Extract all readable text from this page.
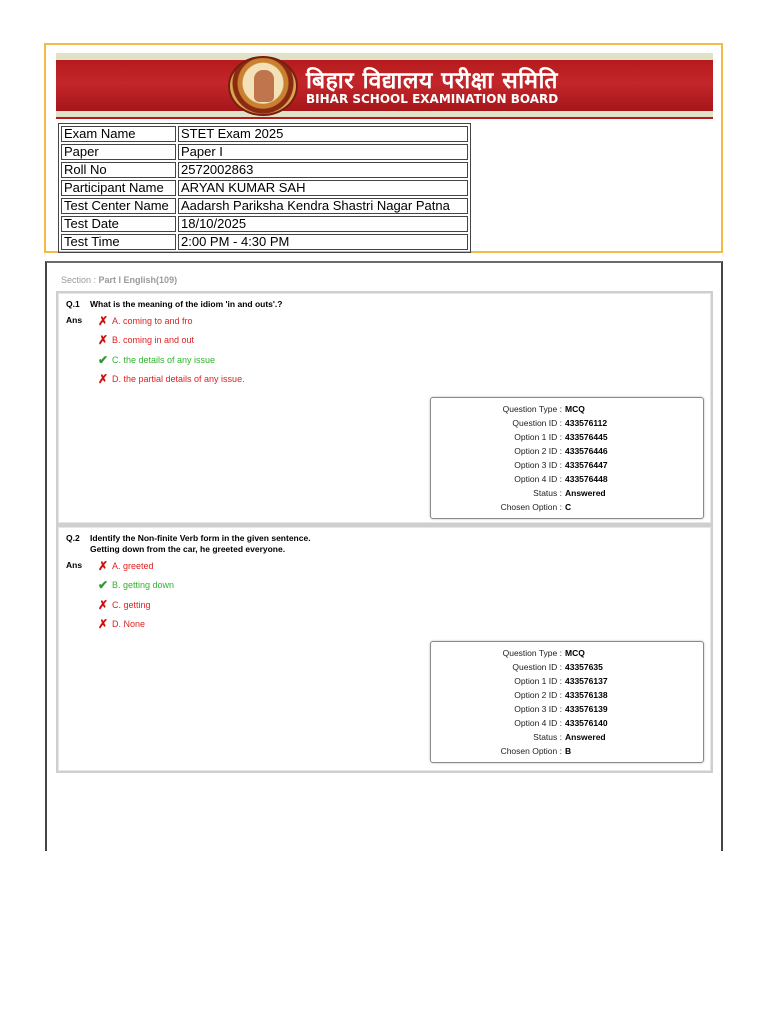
बिहार विद्यालय परीक्षा समिति
BIHAR SCHOOL EXAMINATION BOARD
Exam Name	STET Exam 2025
Paper	Paper I
Roll No	2572002863
Participant Name	ARYAN KUMAR SAH
Test Center Name	Aadarsh Pariksha Kendra Shastri Nagar Patna
Test Date	18/10/2025
Test Time	2:00 PM - 4:30 PM
Section : Part I English(109)
Q.1 What is the meaning of the idiom 'in and outs'.?
Ans ✗ A. coming to and fro
✗ B. coming in and out
✔ C. the details of any issue
✗ D. the partial details of any issue.
Question Type :	MCQ
Question ID :	433576112
Option 1 ID :	433576445
Option 2 ID :	433576446
Option 3 ID :	433576447
Option 4 ID :	433576448
Status :	Answered
Chosen Option :	C
Q.2 Identify the Non-finite Verb form in the given sentence.
Getting down from the car, he greeted everyone.
Ans ✗ A. greeted
✔ B. getting down
✗ C. getting
✗ D. None
Question Type :	MCQ
Question ID :	43357635
Option 1 ID :	433576137
Option 2 ID :	433576138
Option 3 ID :	433576139
Option 4 ID :	433576140
Status :	Answered
Chosen Option :	B
